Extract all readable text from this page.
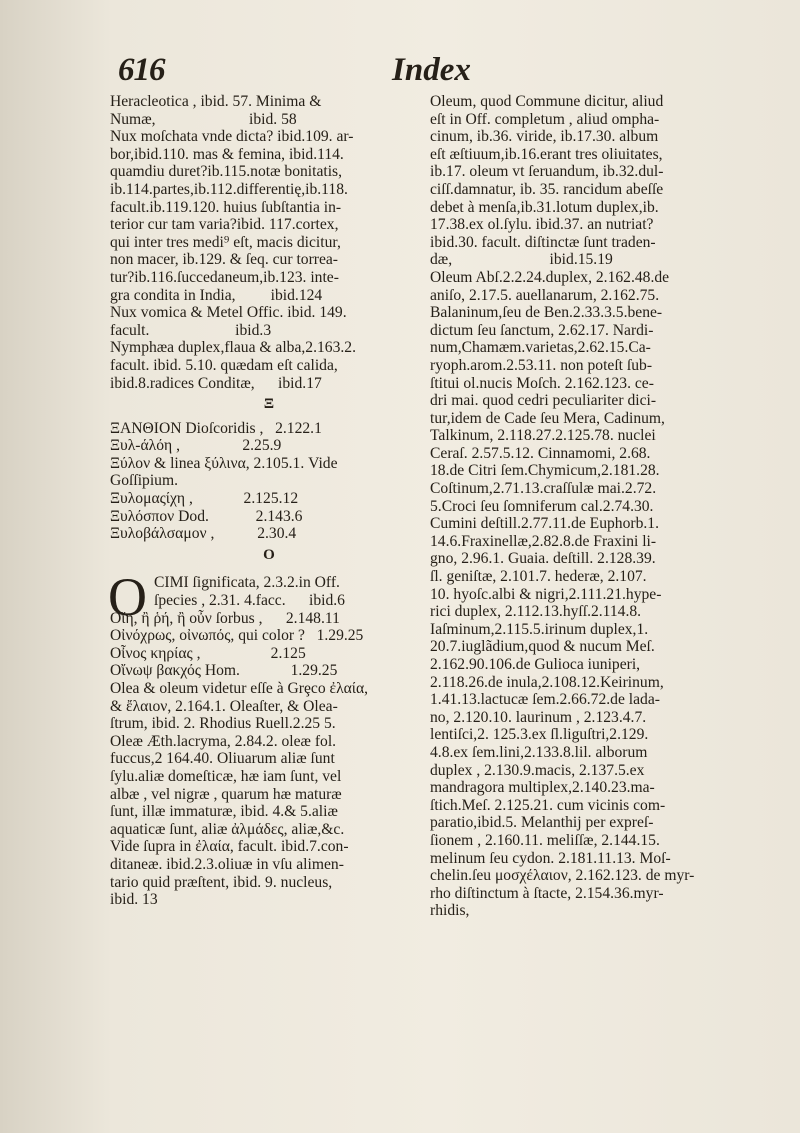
616	Index
Heracleotica , ibid. 57. Minima &
Numæ,                        ibid. 58
Nux moſchata vnde dicta? ibid.109. ar-
bor,ibid.110. mas & femina, ibid.114.
quamdiu duret?ib.115.notæ bonitatis,
ib.114.partes,ib.112.differentię,ib.118.
facult.ib.119.120. huius ſubſtantia in-
terior cur tam varia?ibid. 117.cortex,
qui inter tres medi⁹ eſt, macis dicitur,
non macer, ib.129. & ſeq. cur torrea-
tur?ib.116.ſuccedaneum,ib.123. inte-
gra condita in India,         ibid.124
Nux vomica & Metel Offic. ibid. 149.
facult.                      ibid.3
Nymphæa duplex,flaua & alba,2.163.2.
facult. ibid. 5.10. quædam eſt calida,
ibid.8.radices Conditæ,      ibid.17
Ξ
ΞΑΝΘΙΟΝ Dioſcoridis ,   2.122.1
Ξυλ-άλόη ,                2.25.9
Ξύλον & linea ξύλινα, 2.105.1. Vide
Goſſipium.
Ξυλομαςίχη ,             2.125.12
Ξυλόσπον Dod.            2.143.6
Ξυλοβάλσαμον ,           2.30.4
O
O CIMI ſignificata, 2.3.2.in Off.
ſpecies , 2.31. 4.facc.      ibid.6
Οἴη, ἢ ῥή, ἢ οὖν ſorbus ,      2.148.11
Οἰνόχρως, οἰνωπός, qui color ?   1.29.25
Οἶνος κηρίας ,                  2.125
Οἴνωψ βακχός Hom.             1.29.25
Olea & oleum videtur eſſe à Grȩco ἐλαία,
& ἔλαιον, 2.164.1. Oleaſter, & Olea-
ſtrum, ibid. 2. Rhodius Ruell.2.25 5.
Oleæ Æth.lacryma, 2.84.2. oleæ fol.
fuccus,2 164.40. Oliuarum aliæ ſunt
ſylu.aliæ domeſticæ, hæ iam ſunt, vel
albæ , vel nigræ , quarum hæ maturæ
ſunt, illæ immaturæ, ibid. 4.& 5.aliæ
aquaticæ ſunt, aliæ ἀλμάδες, aliæ,&c.
Vide ſupra in ἐλαία, facult. ibid.7.con-
ditaneæ. ibid.2.3.oliuæ in vſu alimen-
tario quid præſtent, ibid. 9. nucleus,
ibid. 13
Oleum, quod Commune dicitur, aliud
eſt in Off. completum , aliud ompha-
cinum, ib.36. viride, ib.17.30. album
eſt æſtiuum,ib.16.erant tres oliuitates,
ib.17. oleum vt ſeruandum, ib.32.dul-
ciſſ.damnatur, ib. 35. rancidum abeſſe
debet à menſa,ib.31.lotum duplex,ib.
17.38.ex ol.ſylu. ibid.37. an nutriat?
ibid.30. facult. diſtinctæ ſunt traden-
dæ,                         ibid.15.19
Oleum Abſ.2.2.24.duplex, 2.162.48.de
aniſo, 2.17.5. auellanarum, 2.162.75.
Balaninum,ſeu de Ben.2.33.3.5.bene-
dictum ſeu ſanctum, 2.62.17. Nardi-
num,Chamæm.varietas,2.62.15.Ca-
ryoph.arom.2.53.11. non poteſt ſub-
ſtitui ol.nucis Moſch. 2.162.123. ce-
dri mai. quod cedri peculiariter dici-
tur,idem de Cade ſeu Mera, Cadinum,
Talkinum, 2.118.27.2.125.78. nuclei
Ceraſ. 2.57.5.12. Cinnamomi, 2.68.
18.de Citri ſem.Chymicum,2.181.28.
Coſtinum,2.71.13.craſſulæ mai.2.72.
5.Croci ſeu ſomniferum cal.2.74.30.
Cumini deſtill.2.77.11.de Euphorb.1.
14.6.Fraxinellæ,2.82.8.de Fraxini li-
gno, 2.96.1. Guaia. deſtill. 2.128.39.
ſl. geniſtæ, 2.101.7. hederæ, 2.107.
10. hyoſc.albi & nigri,2.111.21.hype-
rici duplex, 2.112.13.hyſſ.2.114.8.
Iaſminum,2.115.5.irinum duplex,1.
20.7.iuglãdium,quod & nucum Meſ.
2.162.90.106.de Gulioca iuniperi,
2.118.26.de inula,2.108.12.Keirinum,
1.41.13.lactucæ ſem.2.66.72.de lada-
no, 2.120.10. laurinum , 2.123.4.7.
lentiſci,2. 125.3.ex ſl.liguſtri,2.129.
4.8.ex ſem.lini,2.133.8.lil. alborum
duplex , 2.130.9.macis, 2.137.5.ex
mandragora multiplex,2.140.23.ma-
ſtich.Meſ. 2.125.21. cum vicinis com-
paratio,ibid.5. Melanthij per expreſ-
ſionem , 2.160.11. meliſſæ, 2.144.15.
melinum ſeu cydon. 2.181.11.13. Moſ-
chelin.ſeu μοσχέλαιον, 2.162.123. de myr-
rho diſtinctum à ſtacte, 2.154.36.myr-
rhidis,
